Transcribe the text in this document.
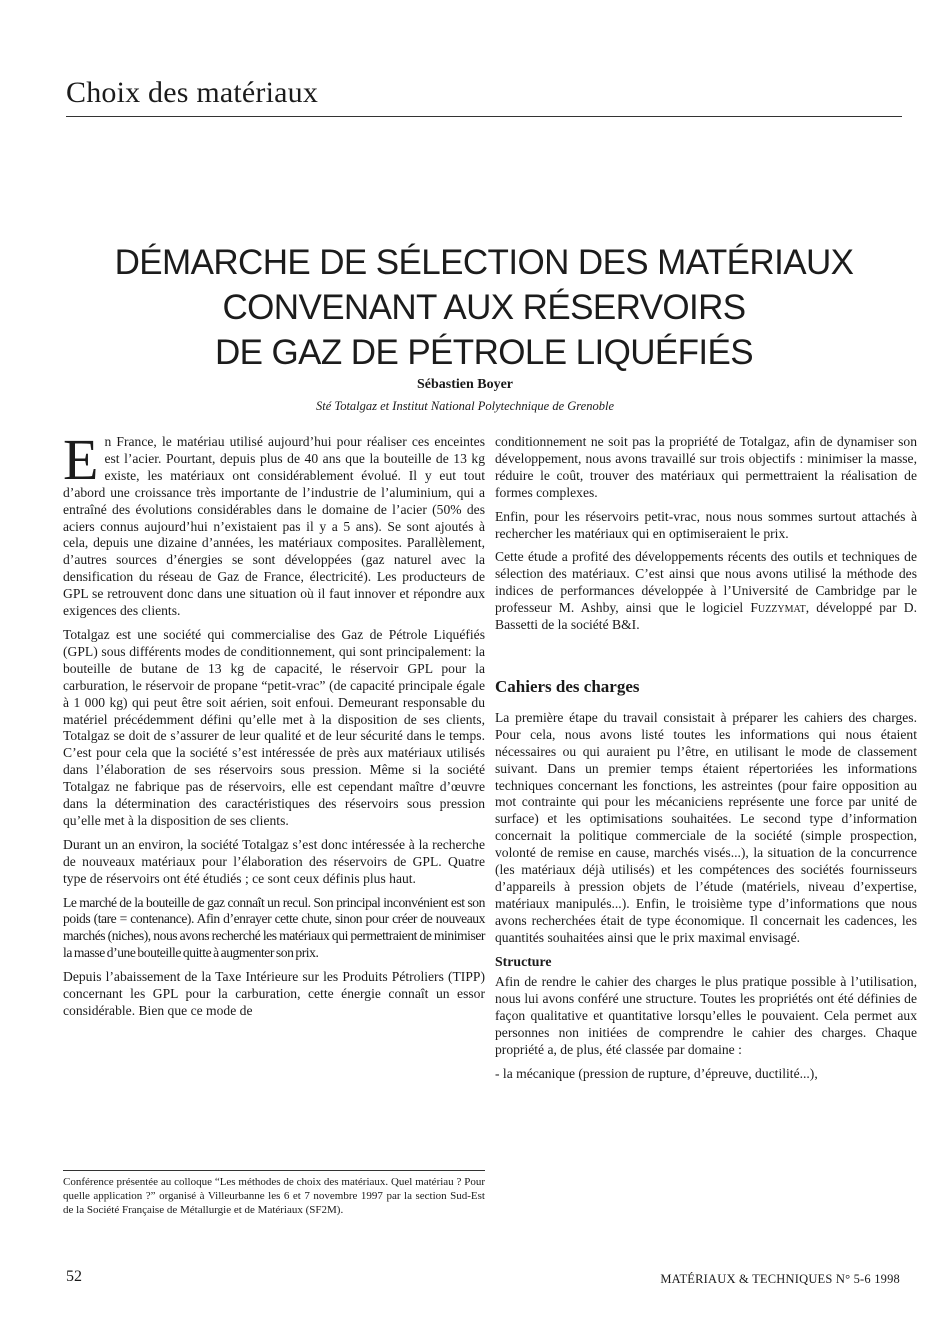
Choix des matériaux
DÉMARCHE DE SÉLECTION DES MATÉRIAUX
CONVENANT AUX RÉSERVOIRS
DE GAZ DE PÉTROLE LIQUÉFIÉS
Sébastien Boyer
Sté Totalgaz et Institut National Polytechnique de Grenoble

En France, le matériau utilisé aujourd’hui pour réaliser ces enceintes est l’acier. Pourtant, depuis plus de 40 ans que la bouteille de 13 kg existe, les matériaux ont considérablement évolué. Il y eut tout d’abord une croissance très importante de l’industrie de l’aluminium, qui a entraîné des évolutions considérables dans le domaine de l’acier (50% des aciers connus aujourd’hui n’existaient pas il y a 5 ans). Se sont ajoutés à cela, depuis une dizaine d’années, les matériaux composites. Parallèlement, d’autres sources d’énergies se sont développées (gaz naturel avec la densification du réseau de Gaz de France, électricité). Les producteurs de GPL se retrouvent donc dans une situation où il faut innover et répondre aux exigences des clients.

Totalgaz est une société qui commercialise des Gaz de Pétrole Liquéfiés (GPL) sous différents modes de conditionnement, qui sont principalement: la bouteille de butane de 13 kg de capacité, le réservoir GPL pour la carburation, le réservoir de propane “petit-vrac” (de capacité principale égale à 1 000 kg) qui peut être soit aérien, soit enfoui. Demeurant responsable du matériel précédemment défini qu’elle met à la disposition de ses clients, Totalgaz se doit de s’assurer de leur qualité et de leur sécurité dans le temps. C’est pour cela que la société s’est intéressée de près aux matériaux utilisés dans l’élaboration de ses réservoirs sous pression. Même si la société Totalgaz ne fabrique pas de réservoirs, elle est cependant maître d’œuvre dans la détermination des caractéristiques des réservoirs sous pression qu’elle met à la disposition de ses clients.

Durant un an environ, la société Totalgaz s’est donc intéressée à la recherche de nouveaux matériaux pour l’élaboration des réservoirs de GPL. Quatre type de réservoirs ont été étudiés ; ce sont ceux définis plus haut.

Le marché de la bouteille de gaz connaît un recul. Son principal inconvénient est son poids (tare = contenance). Afin d’enrayer cette chute, sinon pour créer de nouveaux marchés (niches), nous avons recherché les matériaux qui permettraient de minimiser la masse d’une bouteille quitte à augmenter son prix.

Depuis l’abaissement de la Taxe Intérieure sur les Produits Pétroliers (TIPP) concernant les GPL pour la carburation, cette énergie connaît un essor considérable. Bien que ce mode de

Conférence présentée au colloque “Les méthodes de choix des matériaux. Quel matériau ? Pour quelle application ?” organisé à Villeurbanne les 6 et 7 novembre 1997 par la section Sud-Est de la Société Française de Métallurgie et de Matériaux (SF2M).

conditionnement ne soit pas la propriété de Totalgaz, afin de dynamiser son développement, nous avons travaillé sur trois objectifs : minimiser la masse, réduire le coût, trouver des matériaux qui permettraient la réalisation de formes complexes.

Enfin, pour les réservoirs petit-vrac, nous nous sommes surtout attachés à rechercher les matériaux qui en optimiseraient le prix.

Cette étude a profité des développements récents des outils et techniques de sélection des matériaux. C’est ainsi que nous avons utilisé la méthode des indices de performances développée à l’Université de Cambridge par le professeur M. Ashby, ainsi que le logiciel Fuzzymat, développé par D. Bassetti de la société B&I.

Cahiers des charges

La première étape du travail consistait à préparer les cahiers des charges. Pour cela, nous avons listé toutes les informations qui nous étaient nécessaires ou qui auraient pu l’être, en utilisant le mode de classement suivant. Dans un premier temps étaient répertoriées les informations techniques concernant les fonctions, les astreintes (pour faire opposition au mot contrainte qui pour les mécaniciens représente une force par unité de surface) et les optimisations souhaitées. Le second type d’information concernait la politique commerciale de la société (simple prospection, volonté de remise en cause, marchés visés...), la situation de la concurrence (les matériaux déjà utilisés) et les compétences des sociétés fournisseurs d’appareils à pression objets de l’étude (matériels, niveau d’expertise, matériaux manipulés...). Enfin, le troisième type d’informations que nous avons recherchées était de type économique. Il concernait les cadences, les quantités souhaitées ainsi que le prix maximal envisagé.

Structure

Afin de rendre le cahier des charges le plus pratique possible à l’utilisation, nous lui avons conféré une structure. Toutes les propriétés ont été définies de façon qualitative et quantitative lorsqu’elles le pouvaient. Cela permet aux personnes non initiées de comprendre le cahier des charges. Chaque propriété a, de plus, été classée par domaine :

- la mécanique (pression de rupture, d’épreuve, ductilité...),

52	MATÉRIAUX & TECHNIQUES N° 5-6 1998
